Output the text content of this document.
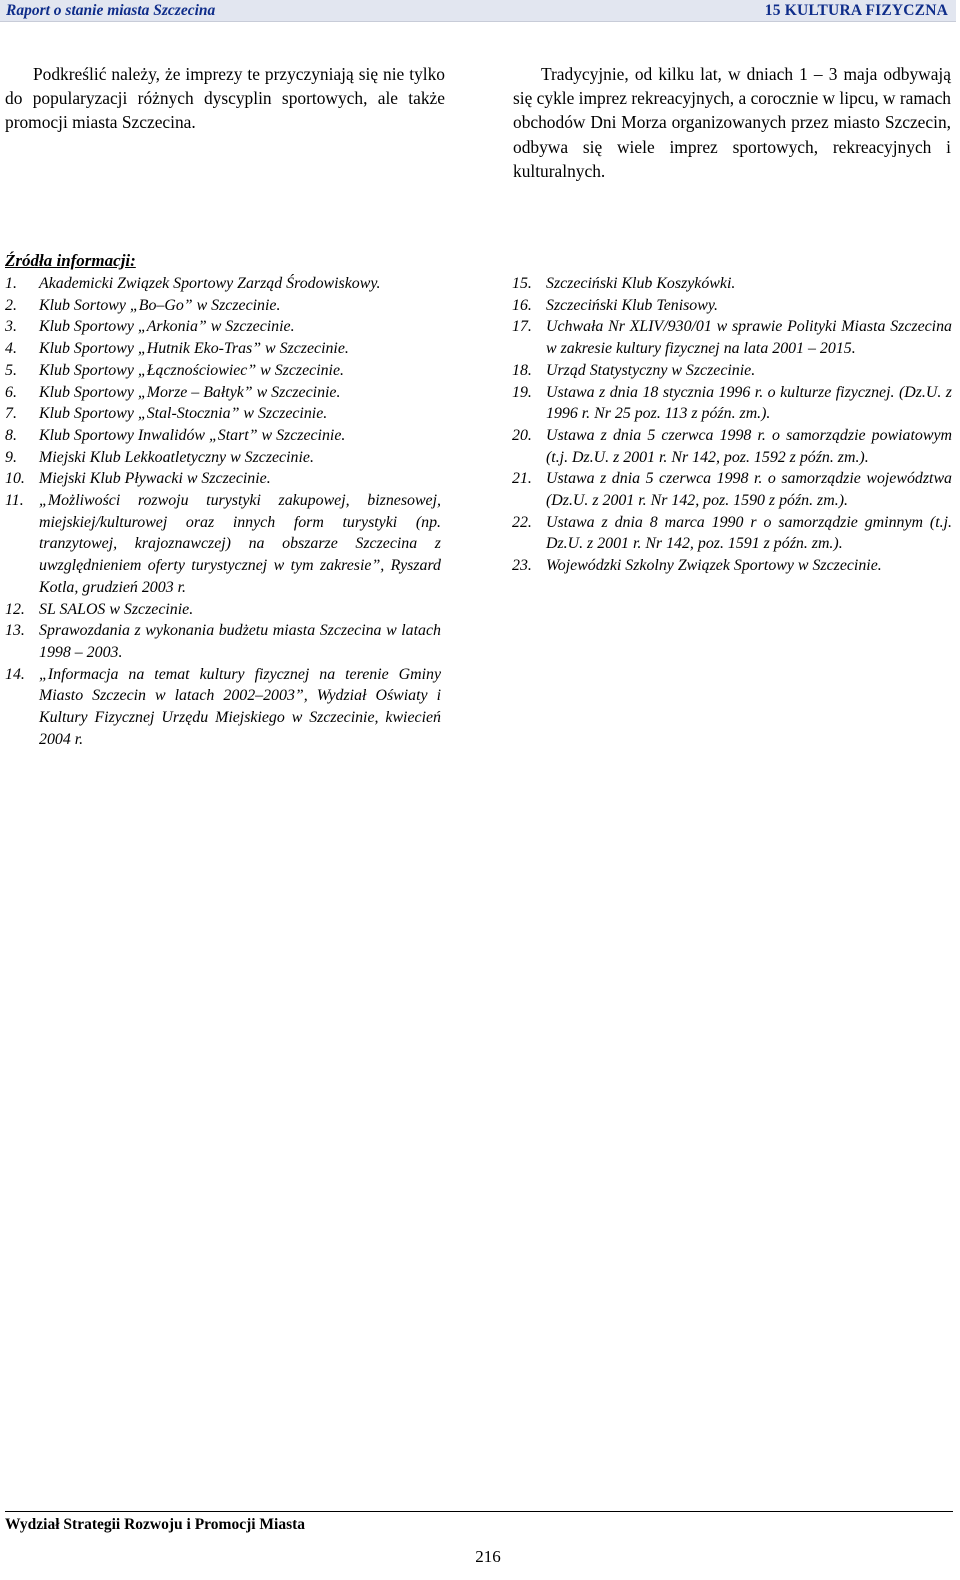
Raport o stanie miasta Szczecina	15 KULTURA FIZYCZNA

Podkreślić należy, że imprezy te przyczyniają się nie tylko do popularyzacji różnych dyscyplin sportowych, ale także promocji miasta Szczecina.

Tradycyjnie, od kilku lat, w dniach 1 – 3 maja odbywają się cykle imprez rekreacyjnych, a corocznie w lipcu, w ramach obchodów Dni Morza organizowanych przez miasto Szczecin, odbywa się wiele imprez sportowych, rekreacyjnych i kulturalnych.

Źródła informacji:
1.	Akademicki Związek Sportowy Zarząd Środowiskowy.
2.	Klub Sortowy „Bo–Go” w Szczecinie.
3.	Klub Sportowy „Arkonia” w Szczecinie.
4.	Klub Sportowy „Hutnik Eko-Tras” w Szczecinie.
5.	Klub Sportowy „Łącznościowiec” w Szczecinie.
6.	Klub Sportowy „Morze – Bałtyk” w Szczecinie.
7.	Klub Sportowy „Stal-Stocznia” w Szczecinie.
8.	Klub Sportowy Inwalidów „Start” w Szczecinie.
9.	Miejski Klub Lekkoatletyczny w Szczecinie.
10. Miejski Klub Pływacki w Szczecinie.
11. „Możliwości rozwoju turystyki zakupowej, biznesowej, miejskiej/kulturowej oraz innych form turystyki (np. tranzytowej, krajoznawczej) na obszarze Szczecina z uwzględnieniem oferty turystycznej w tym zakresie”, Ryszard Kotla, grudzień 2003 r.
12. SL SALOS w Szczecinie.
13. Sprawozdania z wykonania budżetu miasta Szczecina w latach 1998 – 2003.
14. „Informacja na temat kultury fizycznej na terenie Gminy Miasto Szczecin w latach 2002–2003”, Wydział Oświaty i Kultury Fizycznej Urzędu Miejskiego w Szczecinie, kwiecień 2004 r.
15. Szczeciński Klub Koszykówki.
16. Szczeciński Klub Tenisowy.
17. Uchwała Nr XLIV/930/01 w sprawie Polityki Miasta Szczecina w zakresie kultury fizycznej na lata 2001 – 2015.
18. Urząd Statystyczny w Szczecinie.
19. Ustawa z dnia 18 stycznia 1996 r. o kulturze fizycznej. (Dz.U. z 1996 r. Nr 25 poz. 113 z późn. zm.).
20. Ustawa z dnia 5 czerwca 1998 r. o samorządzie powiatowym (t.j. Dz.U. z 2001 r. Nr 142, poz. 1592 z późn. zm.).
21. Ustawa z dnia 5 czerwca 1998 r. o samorządzie województwa (Dz.U. z 2001 r. Nr 142, poz. 1590 z późn. zm.).
22. Ustawa z dnia 8 marca 1990 r o samorządzie gminnym (t.j. Dz.U. z 2001 r. Nr 142, poz. 1591 z późn. zm.).
23. Wojewódzki Szkolny Związek Sportowy w Szczecinie.
Wydział Strategii Rozwoju i Promocji Miasta
216
